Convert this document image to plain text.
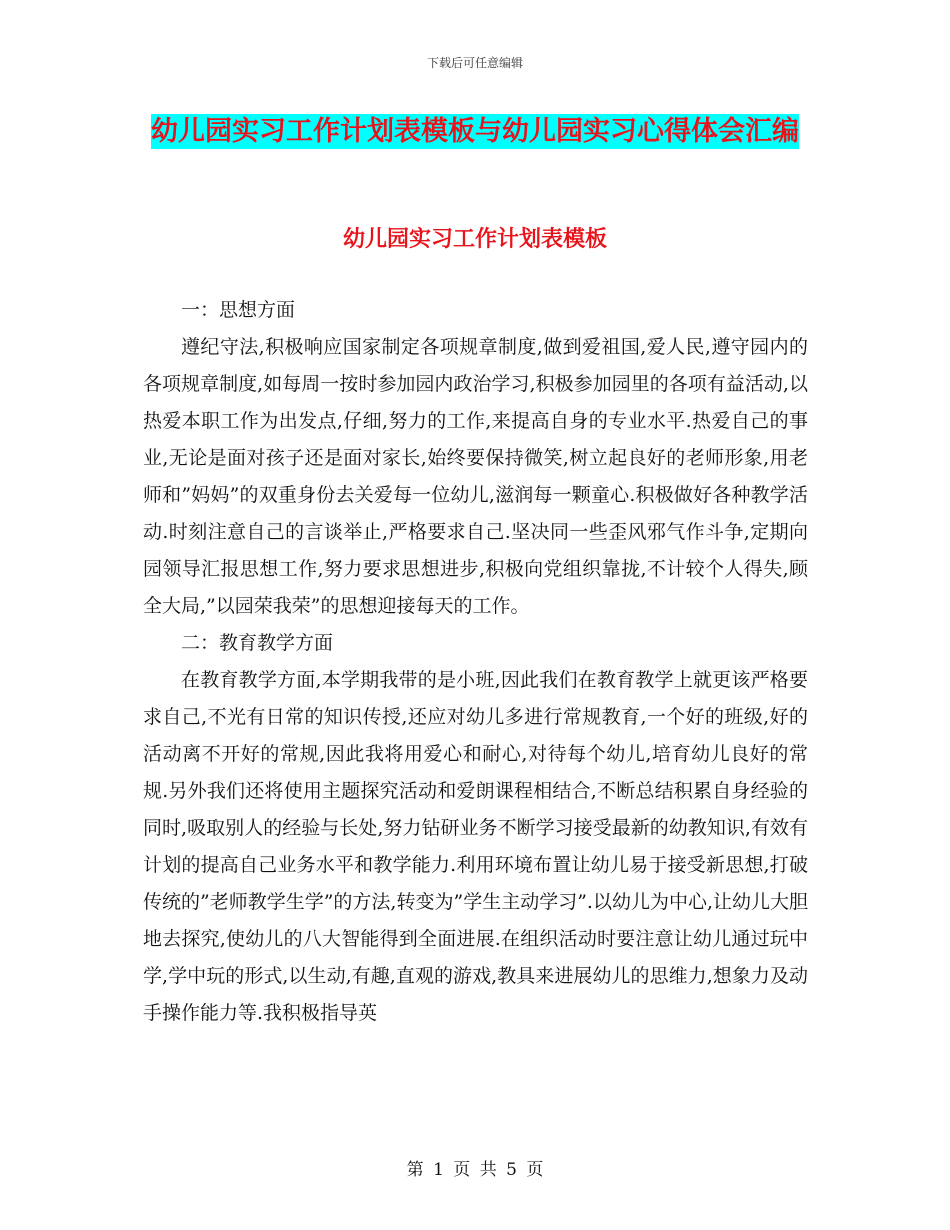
下载后可任意编辑
幼儿园实习工作计划表模板与幼儿园实习心得体会汇编
幼儿园实习工作计划表模板

一：思想方面

遵纪守法,积极响应国家制定各项规章制度,做到爱祖国,爱人民,遵守园内的各项规章制度,如每周一按时参加园内政治学习,积极参加园里的各项有益活动,以热爱本职工作为出发点,仔细,努力的工作,来提高自身的专业水平.热爱自己的事业,无论是面对孩子还是面对家长,始终要保持微笑,树立起良好的老师形象,用老师和”妈妈”的双重身份去关爱每一位幼儿,滋润每一颗童心.积极做好各种教学活动.时刻注意自己的言谈举止,严格要求自己.坚决同一些歪风邪气作斗争,定期向园领导汇报思想工作,努力要求思想进步,积极向党组织靠拢,不计较个人得失,顾全大局,”以园荣我荣”的思想迎接每天的工作。

二：教育教学方面

在教育教学方面,本学期我带的是小班,因此我们在教育教学上就更该严格要求自己,不光有日常的知识传授,还应对幼儿多进行常规教育,一个好的班级,好的活动离不开好的常规,因此我将用爱心和耐心,对待每个幼儿,培育幼儿良好的常规.另外我们还将使用主题探究活动和爱朗课程相结合,不断总结积累自身经验的同时,吸取别人的经验与长处,努力钻研业务不断学习接受最新的幼教知识,有效有计划的提高自己业务水平和教学能力.利用环境布置让幼儿易于接受新思想,打破传统的”老师教学生学”的方法,转变为”学生主动学习”.以幼儿为中心,让幼儿大胆地去探究,使幼儿的八大智能得到全面进展.在组织活动时要注意让幼儿通过玩中学,学中玩的形式,以生动,有趣,直观的游戏,教具来进展幼儿的思维力,想象力及动手操作能力等.我积极指导英

第 1 页 共 5 页
